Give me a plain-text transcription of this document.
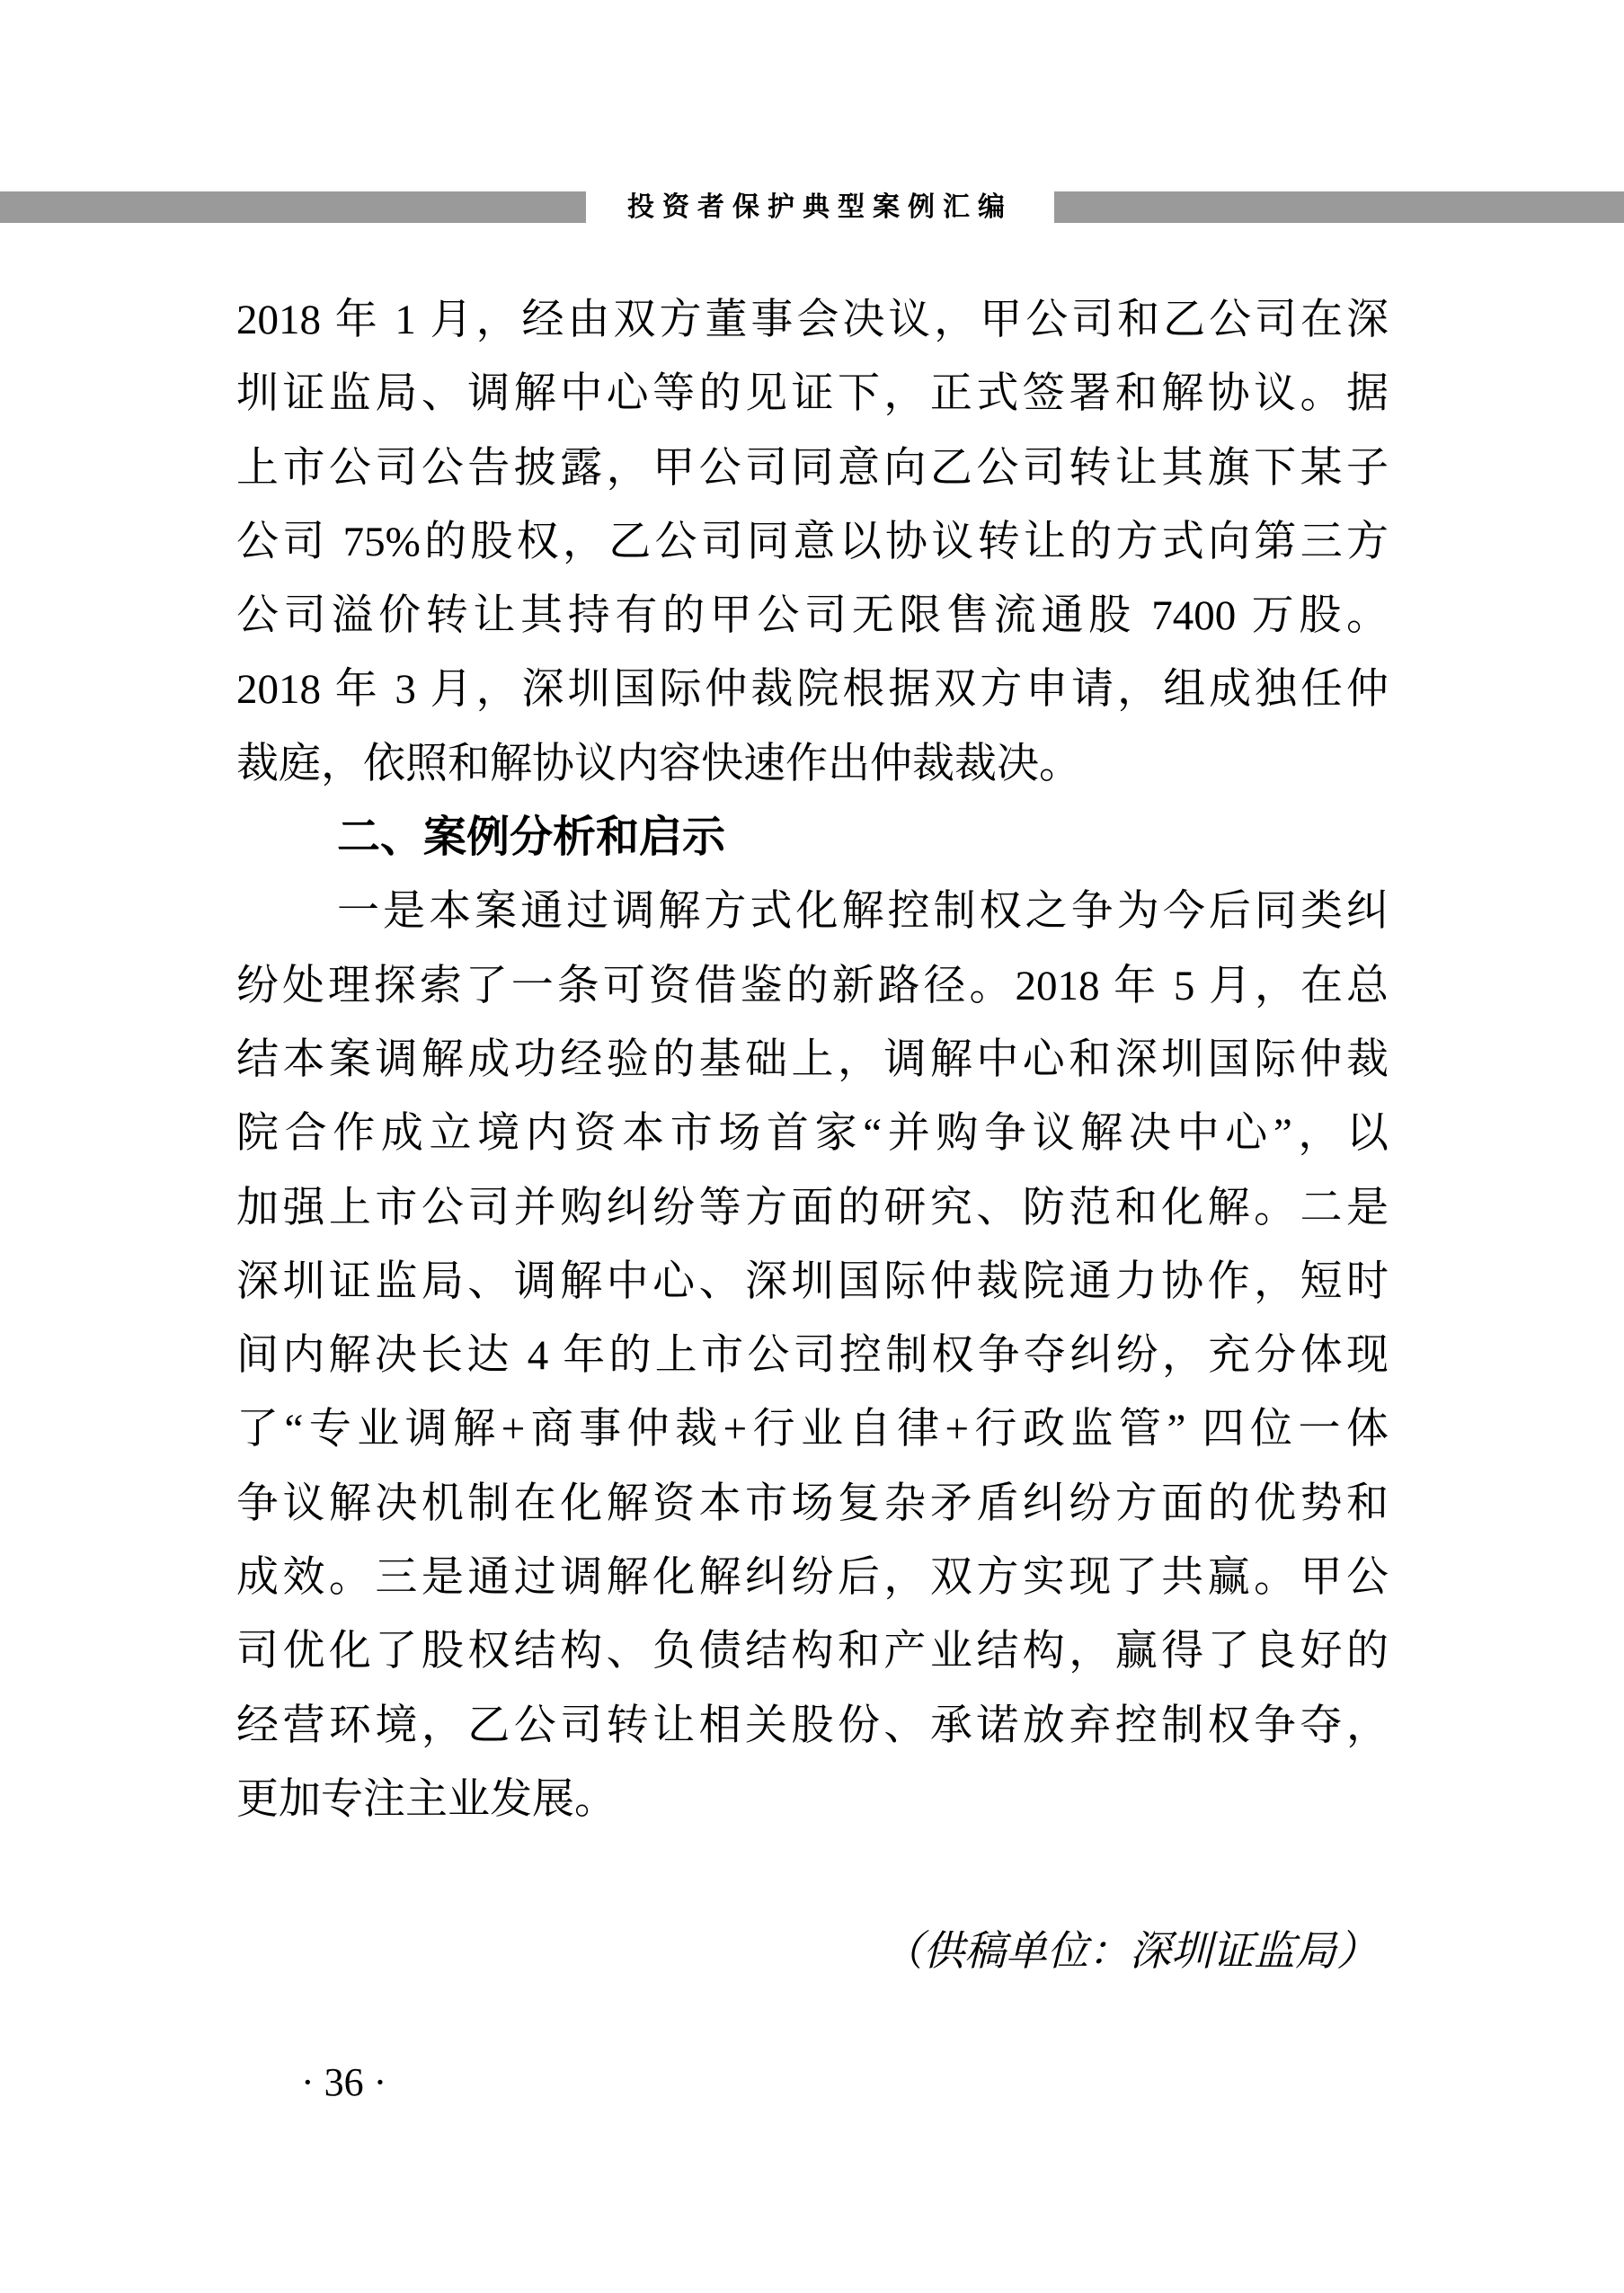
投资者保护典型案例汇编
2018 年 1 月，经由双方董事会决议，甲公司和乙公司在深
圳证监局、调解中心等的见证下，正式签署和解协议。据
上市公司公告披露，甲公司同意向乙公司转让其旗下某子
公司 75%的股权，乙公司同意以协议转让的方式向第三方
公司溢价转让其持有的甲公司无限售流通股 7400 万股。
2018 年 3 月，深圳国际仲裁院根据双方申请，组成独任仲
裁庭，依照和解协议内容快速作出仲裁裁决。
二、案例分析和启示
一是本案通过调解方式化解控制权之争为今后同类纠
纷处理探索了一条可资借鉴的新路径。2018 年 5 月，在总
结本案调解成功经验的基础上，调解中心和深圳国际仲裁
院合作成立境内资本市场首家“并购争议解决中心”，以
加强上市公司并购纠纷等方面的研究、防范和化解。二是
深圳证监局、调解中心、深圳国际仲裁院通力协作，短时
间内解决长达 4 年的上市公司控制权争夺纠纷，充分体现
了“专业调解+商事仲裁+行业自律+行政监管” 四位一体
争议解决机制在化解资本市场复杂矛盾纠纷方面的优势和
成效。三是通过调解化解纠纷后，双方实现了共赢。甲公
司优化了股权结构、负债结构和产业结构，赢得了良好的
经营环境，乙公司转让相关股份、承诺放弃控制权争夺，
更加专注主业发展。
（供稿单位：深圳证监局）
· 36 ·
